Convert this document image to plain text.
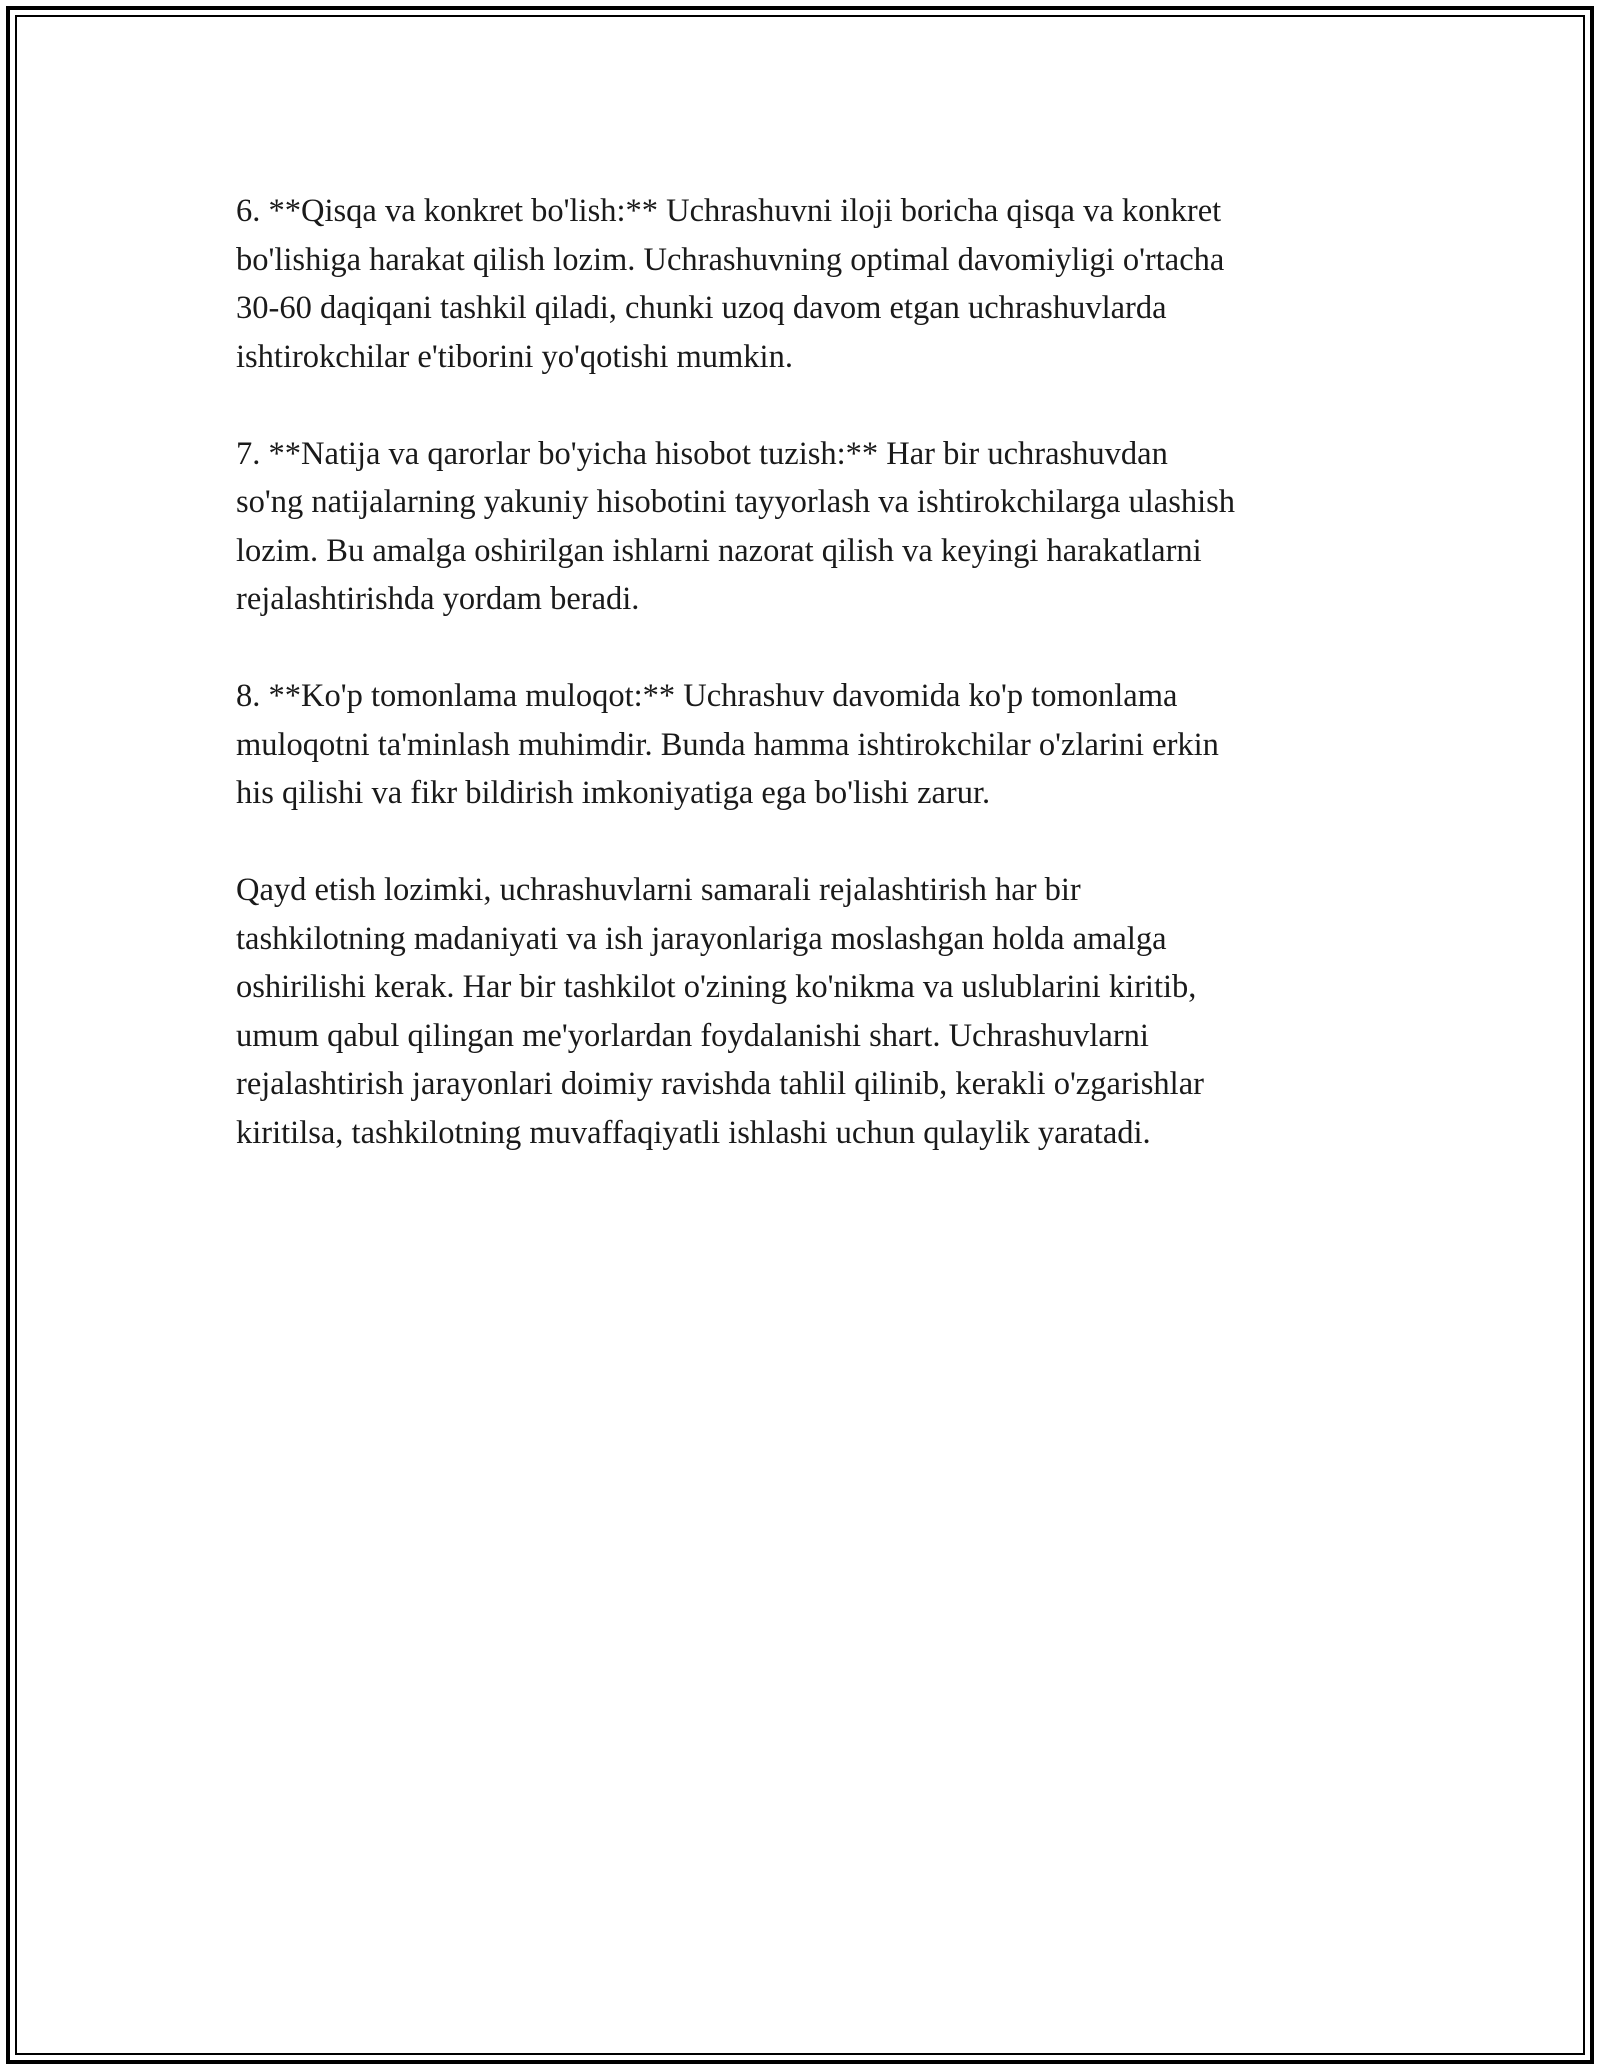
6. **Qisqa va konkret bo'lish:** Uchrashuvni iloji boricha qisqa va konkret
bo'lishiga harakat qilish lozim. Uchrashuvning optimal davomiyligi o'rtacha
30-60 daqiqani tashkil qiladi, chunki uzoq davom etgan uchrashuvlarda
ishtirokchilar e'tiborini yo'qotishi mumkin.

7. **Natija va qarorlar bo'yicha hisobot tuzish:** Har bir uchrashuvdan
so'ng natijalarning yakuniy hisobotini tayyorlash va ishtirokchilarga ulashish
lozim. Bu amalga oshirilgan ishlarni nazorat qilish va keyingi harakatlarni
rejalashtirishda yordam beradi.

8. **Ko'p tomonlama muloqot:** Uchrashuv davomida ko'p tomonlama
muloqotni ta'minlash muhimdir. Bunda hamma ishtirokchilar o'zlarini erkin
his qilishi va fikr bildirish imkoniyatiga ega bo'lishi zarur.

Qayd etish lozimki, uchrashuvlarni samarali rejalashtirish har bir
tashkilotning madaniyati va ish jarayonlariga moslashgan holda amalga
oshirilishi kerak. Har bir tashkilot o'zining ko'nikma va uslublarini kiritib,
umum qabul qilingan me'yorlardan foydalanishi shart. Uchrashuvlarni
rejalashtirish jarayonlari doimiy ravishda tahlil qilinib, kerakli o'zgarishlar
kiritilsa, tashkilotning muvaffaqiyatli ishlashi uchun qulaylik yaratadi.
